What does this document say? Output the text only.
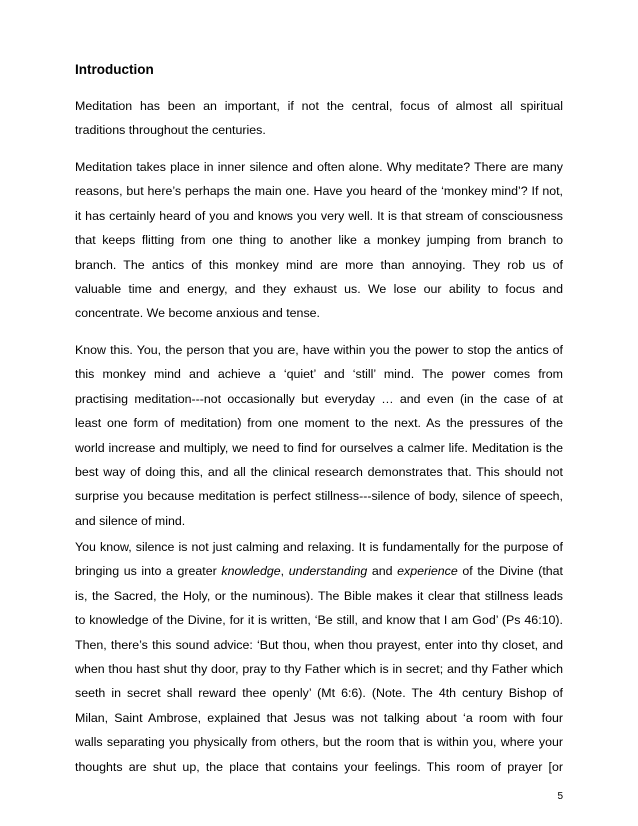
Introduction
Meditation has been an important, if not the central, focus of almost all spiritual
traditions throughout the centuries.
Meditation takes place in inner silence and often alone. Why meditate? There are many
reasons, but here’s perhaps the main one. Have you heard of the ‘monkey mind’? If not,
it has certainly heard of you and knows you very well. It is that stream of consciousness
that keeps flitting from one thing to another like a monkey jumping from branch to
branch. The antics of this monkey mind are more than annoying. They rob us of
valuable time and energy, and they exhaust us. We lose our ability to focus and
concentrate. We become anxious and tense.
Know this. You, the person that you are, have within you the power to stop the antics of
this monkey mind and achieve a ‘quiet’ and ‘still’ mind. The power comes from
practising meditation---not occasionally but everyday … and even (in the case of at
least one form of meditation) from one moment to the next. As the pressures of the
world increase and multiply, we need to find for ourselves a calmer life. Meditation is the
best way of doing this, and all the clinical research demonstrates that. This should not
surprise you because meditation is perfect stillness---silence of body, silence of speech,
and silence of mind.
You know, silence is not just calming and relaxing. It is fundamentally for the purpose of
bringing us into a greater knowledge, understanding and experience of the Divine (that
is, the Sacred, the Holy, or the numinous). The Bible makes it clear that stillness leads
to knowledge of the Divine, for it is written, ‘Be still, and know that I am God’ (Ps 46:10).
Then, there’s this sound advice: ‘But thou, when thou prayest, enter into thy closet, and
when thou hast shut thy door, pray to thy Father which is in secret; and thy Father which
seeth in secret shall reward thee openly’ (Mt 6:6). (Note. The 4th century Bishop of
Milan, Saint Ambrose, explained that Jesus was not talking about ‘a room with four
walls separating you physically from others, but the room that is within you, where your
thoughts are shut up, the place that contains your feelings. This room of prayer [or
5
